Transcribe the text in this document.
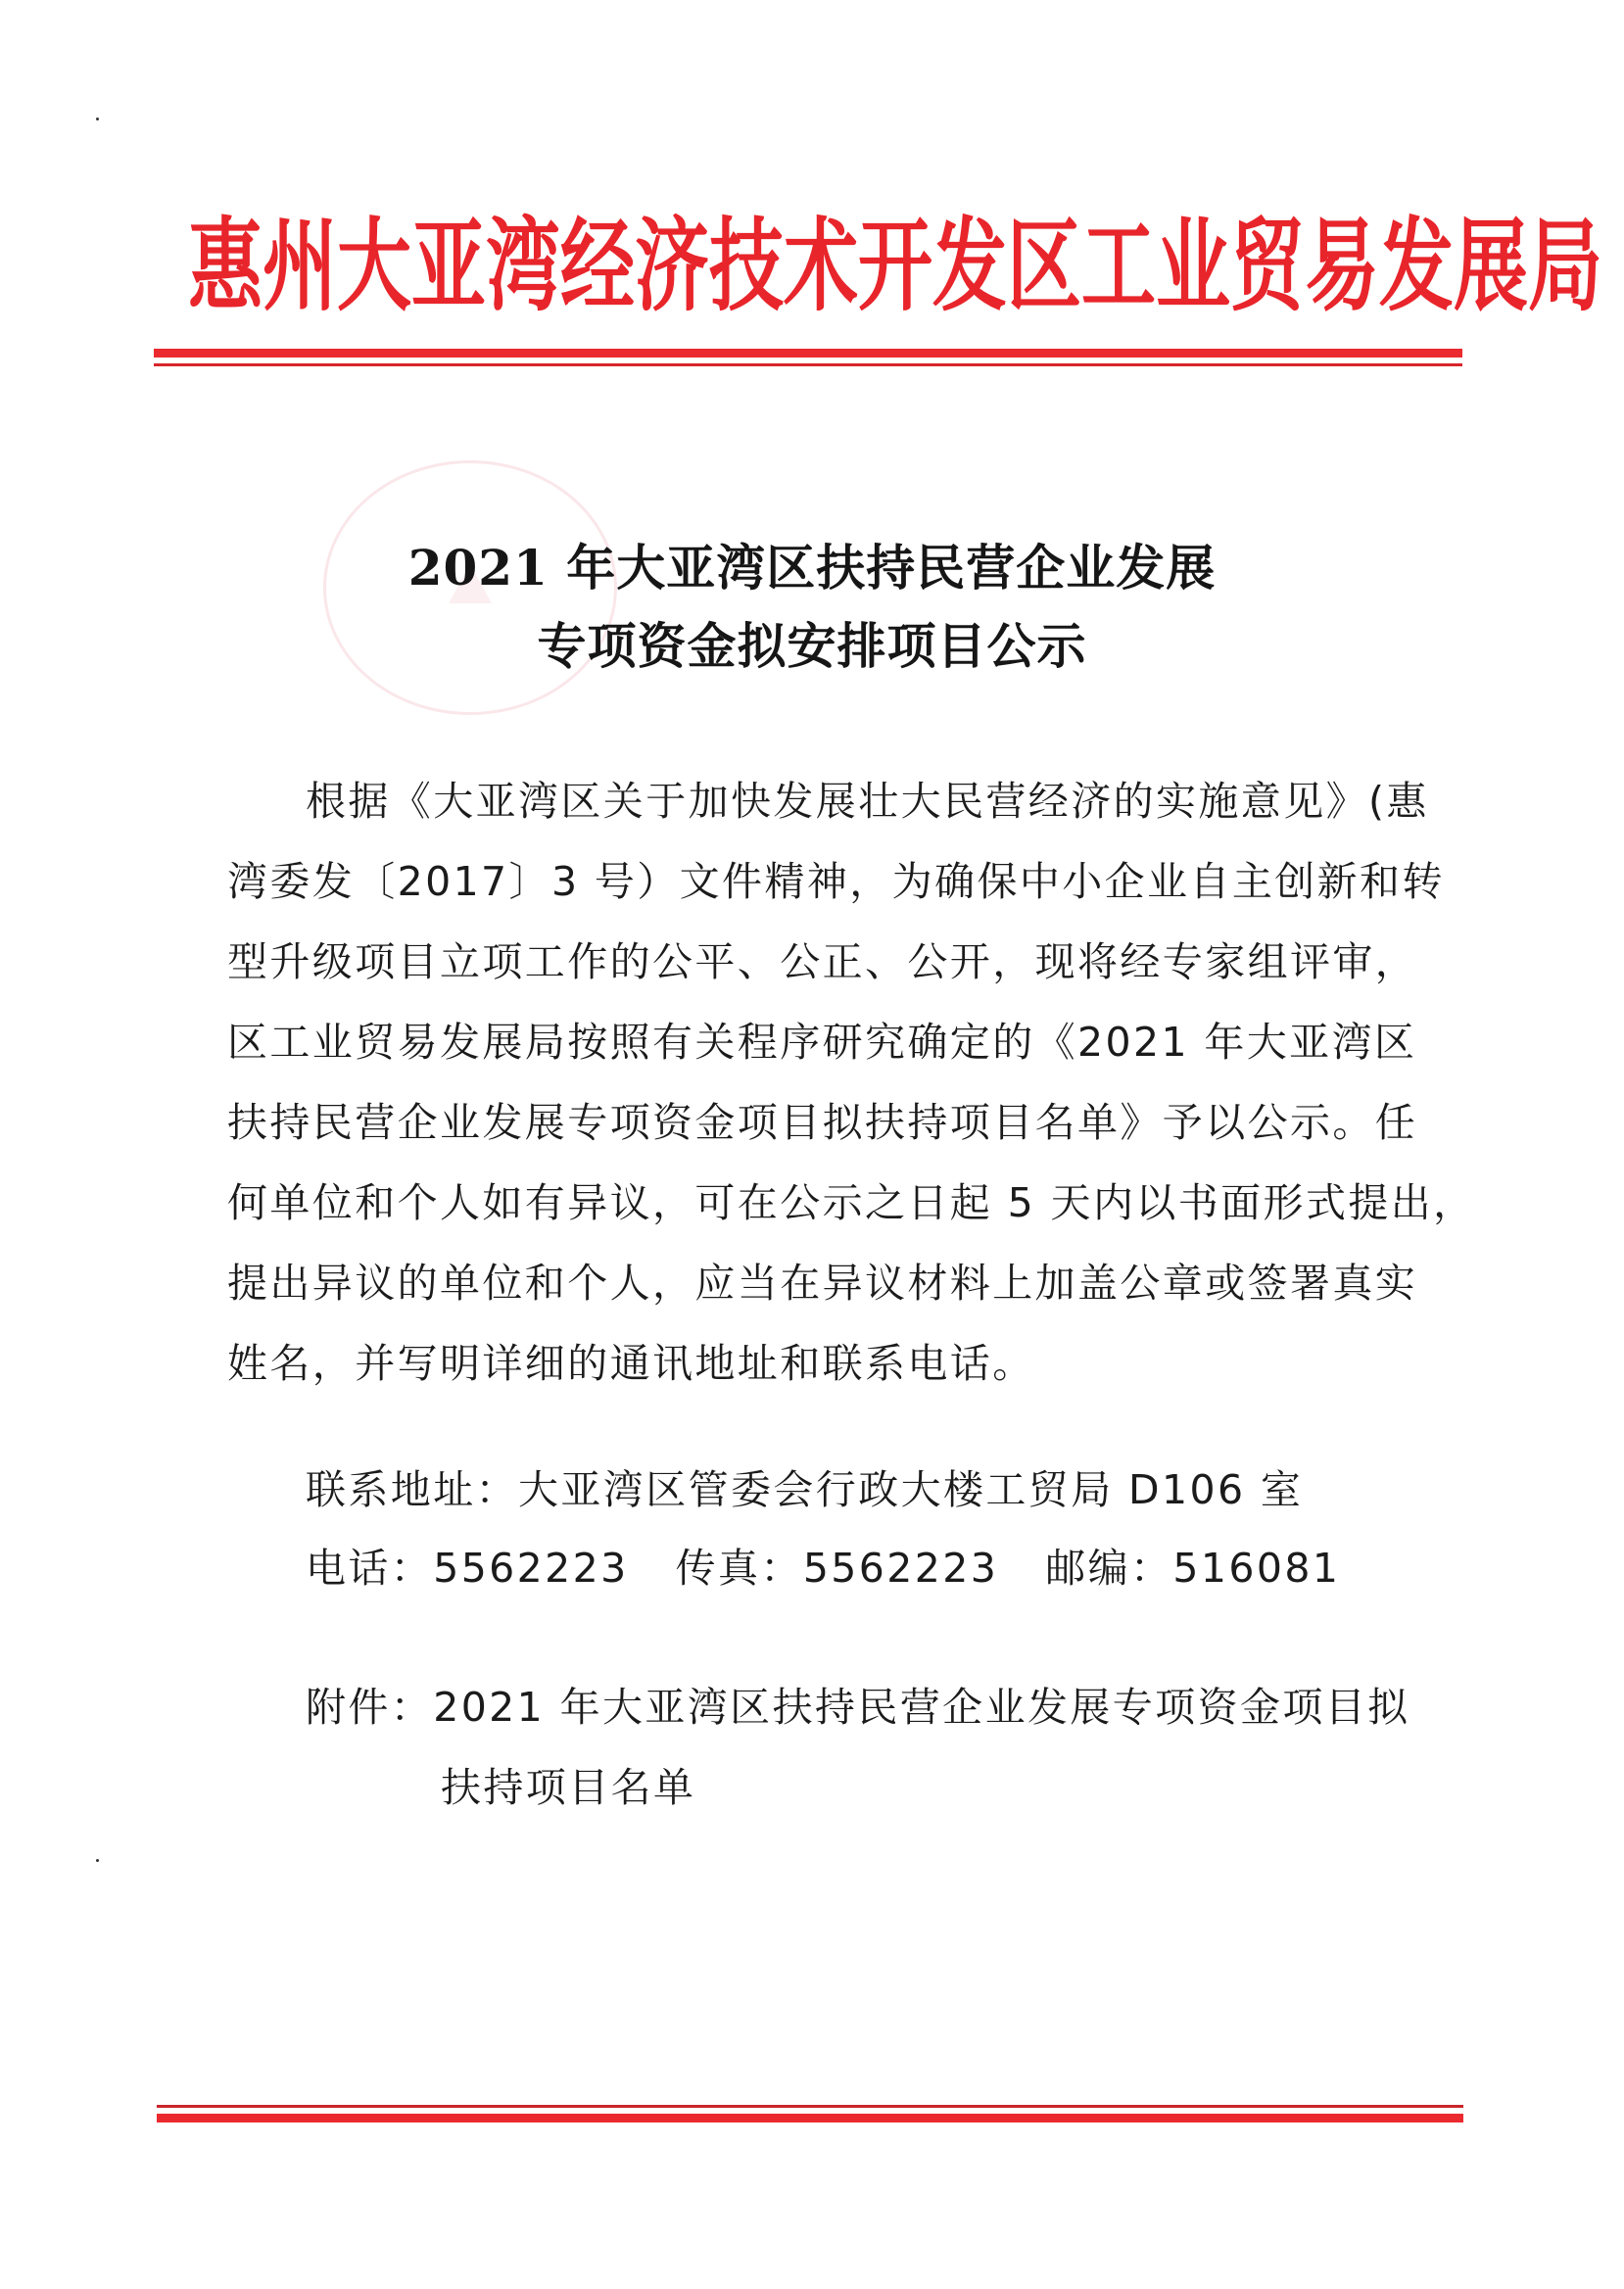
惠 州 大 亚 湾 经 济 技 术 开 发 区 工 业 贸 易 发 展 局
2021 年大亚湾区扶持民营企业发展
专项资金拟安排项目公示
根据《大亚湾区关于加快发展壮大民营经济的实施意见》(惠
湾委发〔2017〕3 号）文件精神，为确保中小企业自主创新和转
型升级项目立项工作的公平、公正、公开，现将经专家组评审，
区工业贸易发展局按照有关程序研究确定的《2021 年大亚湾区
扶持民营企业发展专项资金项目拟扶持项目名单》予以公示。任
何单位和个人如有异议，可在公示之日起 5 天内以书面形式提出，
提出异议的单位和个人，应当在异议材料上加盖公章或签署真实
姓名，并写明详细的通讯地址和联系电话。
联系地址：大亚湾区管委会行政大楼工贸局 D106 室
电话：5562223 传真：5562223 邮编：516081
附件：2021 年大亚湾区扶持民营企业发展专项资金项目拟
扶持项目名单
